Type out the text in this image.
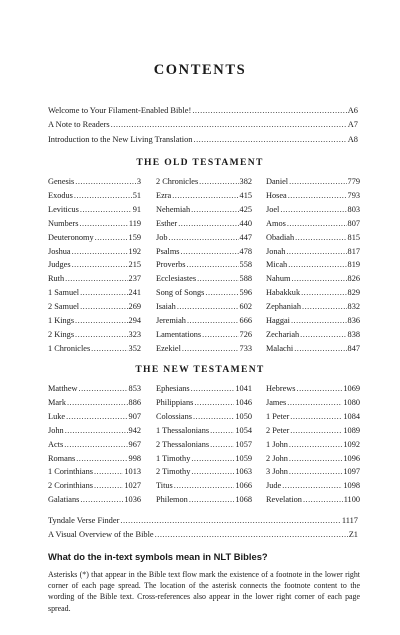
CONTENTS
Welcome to Your Filament-Enabled Bible! .....	A6
A Note to Readers .....	A7
Introduction to the New Living Translation .....	A8
THE OLD TESTAMENT
Genesis .....	3
Exodus .....	51
Leviticus .....	91
Numbers .....	119
Deuteronomy .....	159
Joshua .....	192
Judges .....	215
Ruth .....	237
1 Samuel .....	241
2 Samuel .....	269
1 Kings .....	294
2 Kings .....	323
1 Chronicles .....	352
2 Chronicles .....	382
Ezra .....	415
Nehemiah .....	425
Esther .....	440
Job .....	447
Psalms .....	478
Proverbs .....	558
Ecclesiastes .....	588
Song of Songs .....	596
Isaiah .....	602
Jeremiah .....	666
Lamentations .....	726
Ezekiel .....	733
Daniel .....	779
Hosea .....	793
Joel .....	803
Amos .....	807
Obadiah .....	815
Jonah .....	817
Micah .....	819
Nahum .....	826
Habakkuk .....	829
Zephaniah .....	832
Haggai .....	836
Zechariah .....	838
Malachi .....	847
THE NEW TESTAMENT
Matthew .....	853
Mark .....	886
Luke .....	907
John .....	942
Acts .....	967
Romans .....	998
1 Corinthians .....	1013
2 Corinthians .....	1027
Galatians .....	1036
Ephesians .....	1041
Philippians .....	1046
Colossians .....	1050
1 Thessalonians .....	1054
2 Thessalonians .....	1057
1 Timothy .....	1059
2 Timothy .....	1063
Titus .....	1066
Philemon .....	1068
Hebrews .....	1069
James .....	1080
1 Peter .....	1084
2 Peter .....	1089
1 John .....	1092
2 John .....	1096
3 John .....	1097
Jude .....	1098
Revelation .....	1100
Tyndale Verse Finder .....	1117
A Visual Overview of the Bible .....	Z1
What do the in-text symbols mean in NLT Bibles?
Asterisks (*) that appear in the Bible text flow mark the existence of a footnote in the lower right corner of each page spread. The location of the asterisk connects the footnote content to the wording of the Bible text. Cross-references also appear in the lower right corner of each page spread.
